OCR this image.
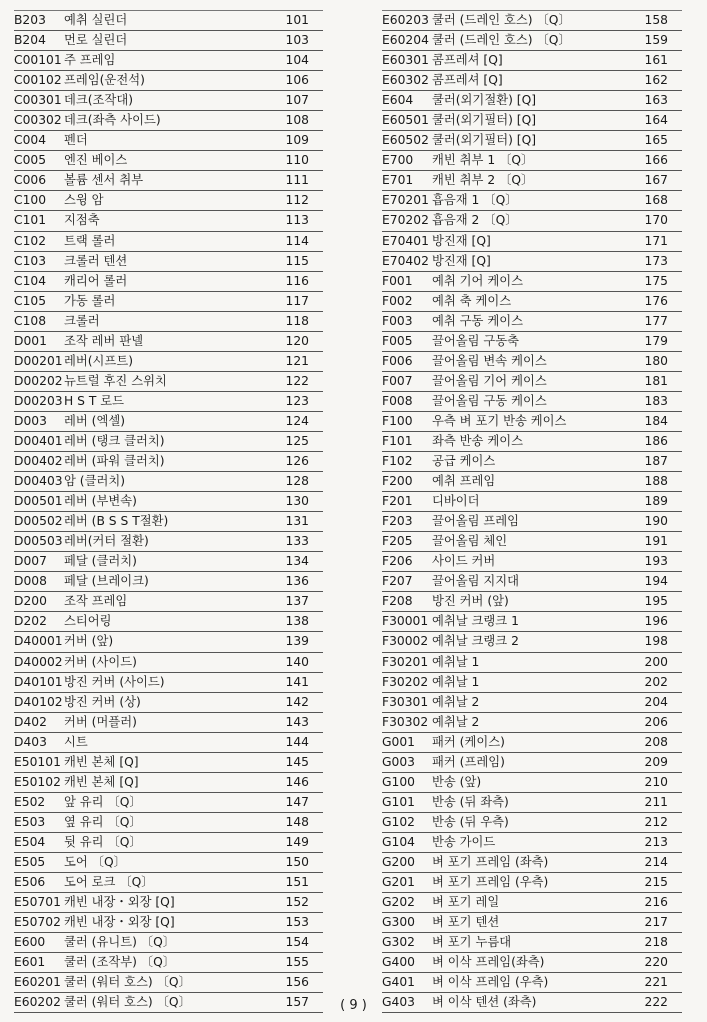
B203 예취 실린더	101
B204 먼로 실린더	103
C00101 주 프레임	104
C00102 프레임(운전석)	106
C00301 데크(조작대)	107
C00302 데크(좌측 사이드)	108
C004 펜더	109
C005 엔진 베이스	110
C006 볼륨 센서 취부	111
C100 스윙 암	112
C101 지점축	113
C102 트랙 롤러	114
C103 크롤러 텐션	115
C104 캐리어 롤러	116
C105 가동 롤러	117
C108 크롤러	118
D001 조작 레버 판넬	120
D00201 레버(시프트)	121
D00202 뉴트럴 후진 스위치	122
D00203 H S T 로드	123
D003 레버 (엑셀)	124
D00401 레버 (탱크 클러치)	125
D00402 레버 (파워 클러치)	126
D00403 암 (클러치)	128
D00501 레버 (부변속)	130
D00502 레버 (B S S T절환)	131
D00503 레버(커터 절환)	133
D007 페달 (클러치)	134
D008 페달 (브레이크)	136
D200 조작 프레임	137
D202 스티어링	138
D40001 커버 (앞)	139
D40002 커버 (사이드)	140
D40101 방진 커버 (사이드)	141
D40102 방진 커버 (상)	142
D402 커버 (머플러)	143
D403 시트	144
E50101 캐빈 본체 [Q]	145
E50102 캐빈 본체 [Q]	146
E502 앞 유리 〔Q〕	147
E503 옆 유리 〔Q〕	148
E504 뒷 유리 〔Q〕	149
E505 도어 〔Q〕	150
E506 도어 로크 〔Q〕	151
E50701 캐빈 내장・외장 [Q]	152
E50702 캐빈 내장・외장 [Q]	153
E600 쿨러 (유니트) 〔Q〕	154
E601 쿨러 (조작부) 〔Q〕	155
E60201 쿨러 (워터 호스) 〔Q〕	156
E60202 쿨러 (워터 호스) 〔Q〕	157
E60203 쿨러 (드레인 호스) 〔Q〕	158
E60204 쿨러 (드레인 호스) 〔Q〕	159
E60301 콤프레셔 [Q]	161
E60302 콤프레셔 [Q]	162
E604 쿨러(외기절환) [Q]	163
E60501 쿨러(외기필터) [Q]	164
E60502 쿨러(외기필터) [Q]	165
E700 캐빈 취부 1 〔Q〕	166
E701 캐빈 취부 2 〔Q〕	167
E70201 흡음재 1 〔Q〕	168
E70202 흡음재 2 〔Q〕	170
E70401 방진재 [Q]	171
E70402 방진재 [Q]	173
F001 예취 기어 케이스	175
F002 예취 축 케이스	176
F003 예취 구동 케이스	177
F005 끌어올림 구동축	179
F006 끌어올림 변속 케이스	180
F007 끌어올림 기어 케이스	181
F008 끌어올림 구동 케이스	183
F100 우측 벼 포기 반송 케이스	184
F101 좌측 반송 케이스	186
F102 공급 케이스	187
F200 예취 프레임	188
F201 디바이더	189
F203 끌어올림 프레임	190
F205 끌어올림 체인	191
F206 사이드 커버	193
F207 끌어올림 지지대	194
F208 방진 커버 (앞)	195
F30001 예취날 크랭크 1	196
F30002 예취날 크랭크 2	198
F30201 예취날 1	200
F30202 예취날 1	202
F30301 예취날 2	204
F30302 예취날 2	206
G001 패커 (케이스)	208
G003 패커 (프레임)	209
G100 반송 (앞)	210
G101 반송 (뒤 좌측)	211
G102 반송 (뒤 우측)	212
G104 반송 가이드	213
G200 벼 포기 프레임 (좌측)	214
G201 벼 포기 프레임 (우측)	215
G202 벼 포기 레일	216
G300 벼 포기 텐션	217
G302 벼 포기 누름대	218
G400 벼 이삭 프레임(좌측)	220
G401 벼 이삭 프레임 (우측)	221
G403 벼 이삭 텐션 (좌측)	222
( 9 )
